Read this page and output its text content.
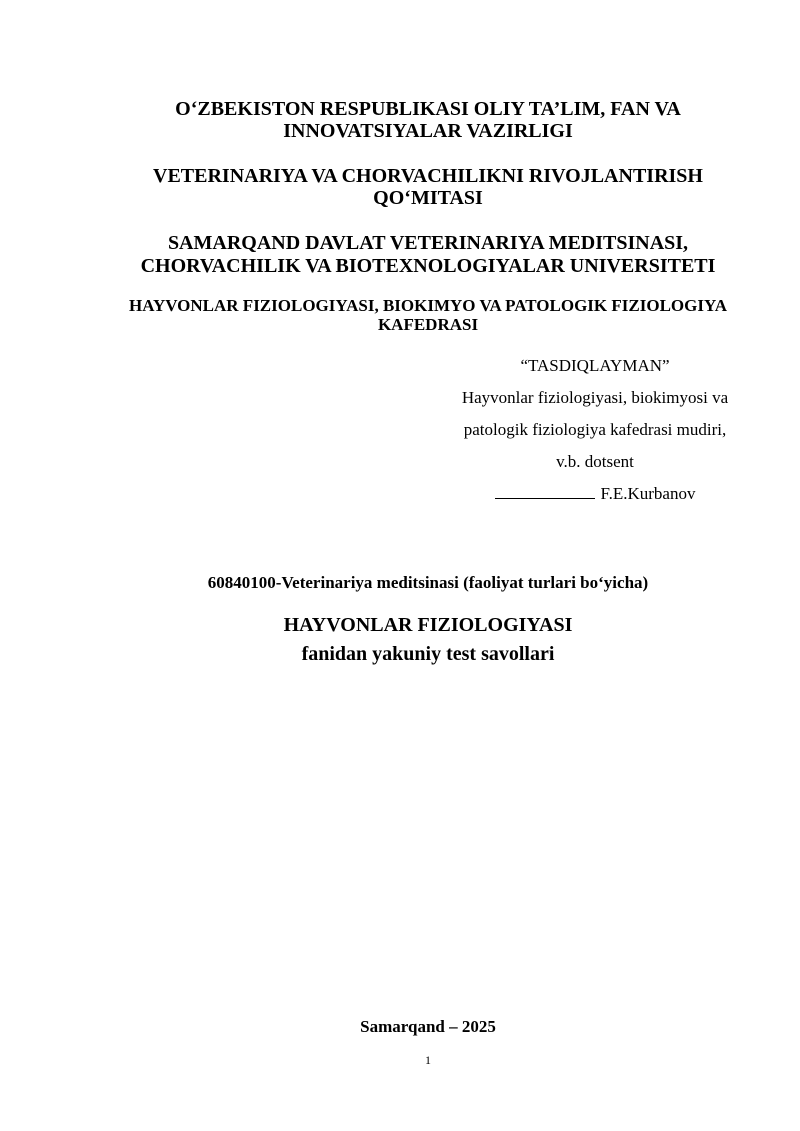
O‘ZBEKISTON RESPUBLIKASI OLIY TA’LIM, FAN VA INNOVATSIYALAR VAZIRLIGI

VETERINARIYA VA CHORVACHILIKNI RIVOJLANTIRISH QO‘MITASI

SAMARQAND DAVLAT VETERINARIYA MEDITSINASI, CHORVACHILIK VA BIOTEXNOLOGIYALAR UNIVERSITETI

HAYVONLAR FIZIOLOGIYASI, BIOKIMYO VA PATOLOGIK FIZIOLOGIYA KAFEDRASI

“TASDIQLAYMAN”
Hayvonlar fiziologiyasi, biokimyosi va
patologik fiziologiya kafedrasi mudiri,
v.b. dotsent
F.E.Kurbanov
60840100-Veterinariya meditsinasi (faoliyat turlari bo‘yicha)
HAYVONLAR FIZIOLOGIYASI
fanidan yakuniy test savollari
Samarqand – 2025
1
